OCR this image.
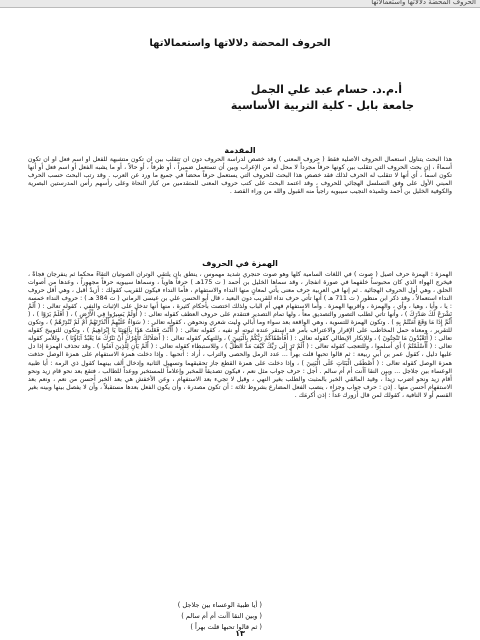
الحروف المحضة دلالاتها واستعمالاتها
الحروف المحضة دلالاتها واستعمالاتها
أ.م.د. حسام عبد علي الجمل
جامعة بابل - كلية التربية الأساسية
المقدمة
هذا البحث يتناول استعمال الحروف الأصلية فقط ( حروف المعنى ) وقد خصص لدراسة الحروف دون أن تتقلب بين أن تكون متشبهة للفعل أو اسم فعل أو أن تكون أسماءً ، إن بحث الحروف التي تتقلب بين كونها حرفاً مجرداً لا محل له من الإعراب وبين أن تستعمل ضميراً ، أو ظرفاً ، أو حالاً ، أو ما يشبه الفعل أو اسم فعل أو أنها تكون اسماً ، أي أنها لا تتقلب له الحرف لذلك فقد خصص هذا البحث للحروف التي يستعمل حرفاً محضاً في جميع ما ورد عن العرب . وقد رتب البحث حسب الحرف المبني الأول على وفق التسلسل الهجائي للحروف ، وقد اعتمد البحث على كتب حروف المعنى للمتقدمين من كبار النحاة وعلى رأسهم رأس المدرستين البصرية والكوفية الخليل بن أحمد وتلميذه النجيب سيبويه راجياً منه القبول والله من وراء القصد .
الهمزة في الحروف
الهمزة : الهمزة حرف أصيل ( صوت ) في اللغات السامية كلها وهو صوت حنجري شديد مهموس ، ينطق بأن يلتقي الوتران الصوتيان التقاءً محكماً ثم ينفرجان فجأةً ، فيخرج الهواء الذي كان محبوساً خلفهما في صورة انفجار ، وقد سماها الخليل بن أحمد ( ت 175هـ ) حرفاً هاوياً ، وسماها سيبويه حرفاً مجهوراً ، وعدها من أصوات الحلق ، وهي أول الحروف الهجائية . ثم إنها في العربية حرف معنى يأتي لمعانٍ منها النداء والاستفهام ، فأما النداء فيكون للقريب كقولك : أزيدُ أقبل ، وهي أقل حروف النداء استعمالاً ، وقد ذكر ابن منظور ( ت 711 هـ ) أنها تأتي حرف نداء للقريب دون البعيد ، قال أبو الحسن علي بن عيسى الرماني ( ت 384 هـ ) : حروف النداء خمسة : يا ، وأيا ، وهيا ، وأي ، والهمزة ، وأقربها الهمزة . وأما الاستفهام فهي أم الباب ولذلك اختصت بأحكام كثيرة ، منها أنها تدخل على الإثبات والنفي ، كقوله تعالى : ( أَلَمْ نَشْرَحْ لَكَ صَدْرَكَ ) ، وأنها تأتي لطلب التصور والتصديق معاً ، ولها تمام التصدير فتتقدم على حروف العطف كقوله تعالى : ( أَوَلَمْ يَسِيرُوا فِي الْأَرْضِ ) ، ( أَفَلَمْ يَرَوْا ) ، ( أَثُمَّ إِذَا مَا وَقَعَ آمَنْتُمْ بِهِ ) . وتكون الهمزة للتسوية ، وهي الواقعة بعد سواء وما أبالي وليت شعري ونحوهن ، كقوله تعالى : ( سَوَاءٌ عَلَيْهِمْ أَأَنْذَرْتَهُمْ أَمْ لَمْ تُنْذِرْهُمْ ) ، وتكون للتقرير ، ومعناه حمل المخاطب على الإقرار والاعتراف بأمر قد استقر عنده ثبوته أو نفيه ، كقوله تعالى : ( أَأَنْتَ فَعَلْتَ هَذَا بِآلِهَتِنَا يَا إِبْرَاهِيمُ ) ، وتكون للتوبيخ كقوله تعالى : ( أَتَعْبُدُونَ مَا تَنْحِتُونَ ) ، وللإنكار الإبطالي كقوله تعالى : ( أَفَأَصْفَاكُمْ رَبُّكُمْ بِالْبَنِينَ ) ، وللتهكم كقوله تعالى : ( أَصَلَاتُكَ تَأْمُرُكَ أَنْ نَتْرُكَ مَا يَعْبُدُ آبَاؤُنَا ) ، وللأمر كقوله تعالى : ( أَأَسْلَمْتُمْ ) أي أسلموا ، وللتعجب كقوله تعالى : ( أَلَمْ تَرَ إِلَى رَبِّكَ كَيْفَ مَدَّ الظِّلَّ ) ، وللاستبطاء كقوله تعالى : ( أَلَمْ يَأْنِ لِلَّذِينَ آمَنُوا ) . وقد تحذف الهمزة إذا دل عليها دليل ، كقول عمر بن أبي ربيعة : ثم قالوا تحبها قلت بهراً ... عدد الرمل والحصى والتراب ، أراد : أتحبها . وإذا دخلت همزة الاستفهام على همزة الوصل حذفت همزة الوصل كقوله تعالى : ( أَصْطَفَى الْبَنَاتِ عَلَى الْبَنِينَ ) ، وإذا دخلت على همزة القطع جاز تحقيقهما وتسهيل الثانية وإدخال ألف بينهما كقول ذي الرمة : أيا ظبية الوعساء بين جلاجل ... وبين النقا آأنت أم أم سالم . أجل : حرف جواب مثل نعم ، فيكون تصديقاً للمخبر وإعلاماً للمستخبر ووعداً للطالب ، فتقع بعد نحو قام زيد ونحو أقام زيد ونحو اضرب زيداً ، وقيد المالقي الخبر بالمثبت والطلب بغير النهي ، وقيل لا تجيء بعد الاستفهام ، وعن الأخفش هي بعد الخبر أحسن من نعم ، ونعم بعد الاستفهام أحسن منها . إذن : حرف جواب وجزاء ، ينصب الفعل المضارع بشروط ثلاثة : أن تكون مصدرة ، وأن يكون الفعل بعدها مستقبلاً ، وأن لا يفصل بينها وبينه بغير القسم أو لا النافية ، كقولك لمن قال أزورك غداً : إذن أكرمَك .
( أيا ظبية الوعساء بين جلاجل )
( وبين النقا آأنت أم أم سالم )
( ثم قالوا تحبها قلت بهراً )
١٣
